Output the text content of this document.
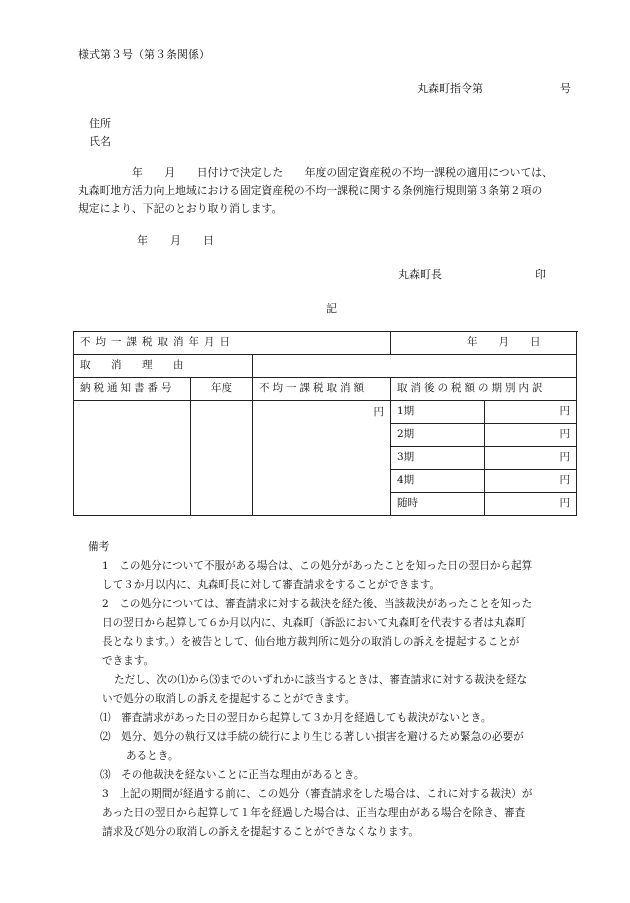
様式第３号（第３条関係）
丸森町指令第	号
住所
氏名
　　　　　年　　月　　日付けで決定した　　年度の固定資産税の不均一課税の適用については、
丸森町地方活力向上地域における固定資産税の不均一課税に関する条例施行規則第３条第２項の
規定により、下記のとおり取り消します。
年　　月　　日
丸森町長	印
記
不均一課税取消年月日			年　　月　　日	
取　消　理　由				
納税通知書番号	年度	不均一課税取消額	取消後の税額の期別内訳	
		円	1期	円
			2期	円
			3期	円
			4期	円
			随時	円
備考
1　この処分について不服がある場合は、この処分があったことを知った日の翌日から起算
して３か月以内に、丸森町長に対して審査請求をすることができます。
2　この処分については、審査請求に対する裁決を経た後、当該裁決があったことを知った
日の翌日から起算して６か月以内に、丸森町（訴訟において丸森町を代表する者は丸森町
長となります。）を被告として、仙台地方裁判所に処分の取消しの訴えを提起することが
できます。
ただし、次の⑴から⑶までのいずれかに該当するときは、審査請求に対する裁決を経な
いで処分の取消しの訴えを提起することができます。
⑴　審査請求があった日の翌日から起算して３か月を経過しても裁決がないとき。
⑵　処分、処分の執行又は手続の続行により生じる著しい損害を避けるため緊急の必要が
あるとき。
⑶　その他裁決を経ないことに正当な理由があるとき。
3　上記の期間が経過する前に、この処分（審査請求をした場合は、これに対する裁決）が
あった日の翌日から起算して１年を経過した場合は、正当な理由がある場合を除き、審査
請求及び処分の取消しの訴えを提起することができなくなります。
